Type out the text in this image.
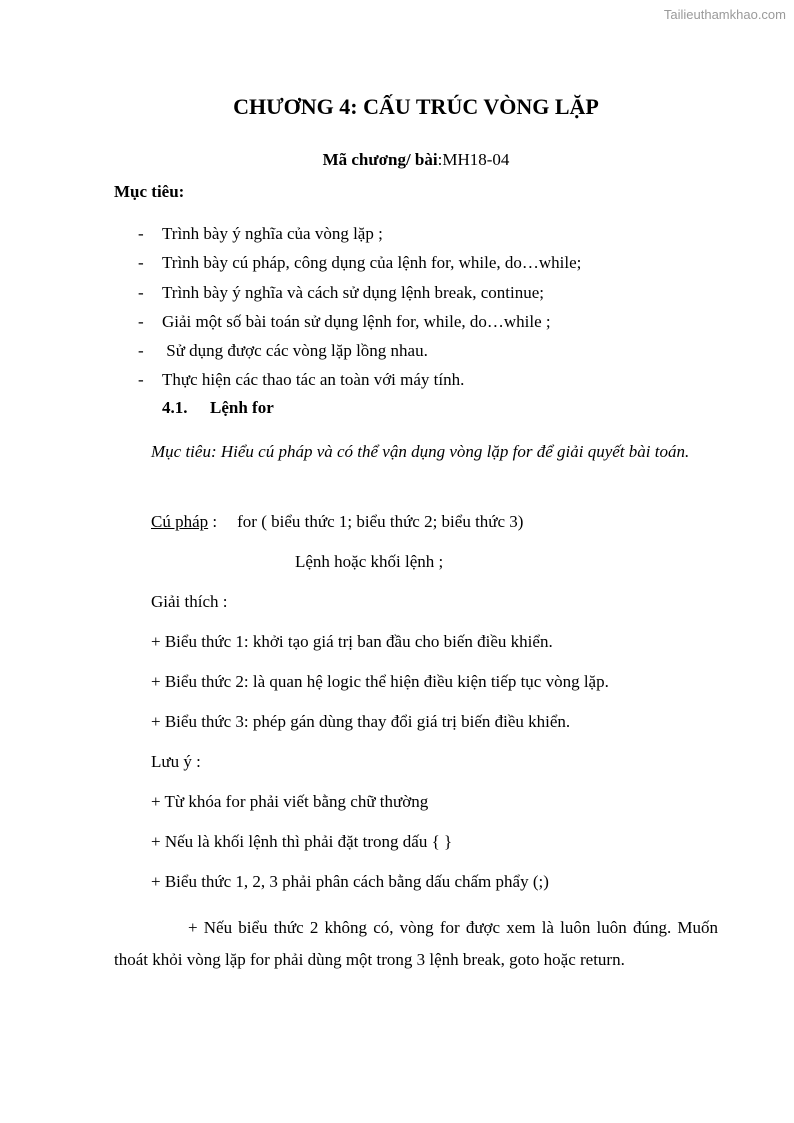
Tailieuthamkhao.com
CHƯƠNG 4: CẤU TRÚC VÒNG LẶP
Mã chương/ bài:MH18-04
Mục tiêu:
- Trình bày ý nghĩa của vòng lặp ;
- Trình bày cú pháp, công dụng của lệnh for, while, do…while;
- Trình bày ý nghĩa và cách sử dụng lệnh break, continue;
- Giải một số bài toán sử dụng lệnh for, while, do…while ;
- Sử dụng được các vòng lặp lồng nhau.
- Thực hiện các thao tác an toàn với máy tính.
4.1. Lệnh for
Mục tiêu: Hiểu cú pháp và có thể vận dụng vòng lặp for để giải quyết bài toán.
Cú pháp : for ( biểu thức 1; biểu thức 2; biểu thức 3)
Lệnh hoặc khối lệnh ;
Giải thích :
+ Biểu thức 1: khởi tạo giá trị ban đầu cho biến điều khiển.
+ Biểu thức 2: là quan hệ logic thể hiện điều kiện tiếp tục vòng lặp.
+ Biểu thức 3: phép gán dùng thay đổi giá trị biến điều khiển.
Lưu ý :
+ Từ khóa for phải viết bằng chữ thường
+ Nếu là khối lệnh thì phải đặt trong dấu { }
+ Biểu thức 1, 2, 3 phải phân cách bằng dấu chấm phẩy (;)
+ Nếu biểu thức 2 không có, vòng for được xem là luôn luôn đúng. Muốn thoát khỏi vòng lặp for phải dùng một trong 3 lệnh break, goto hoặc return.
